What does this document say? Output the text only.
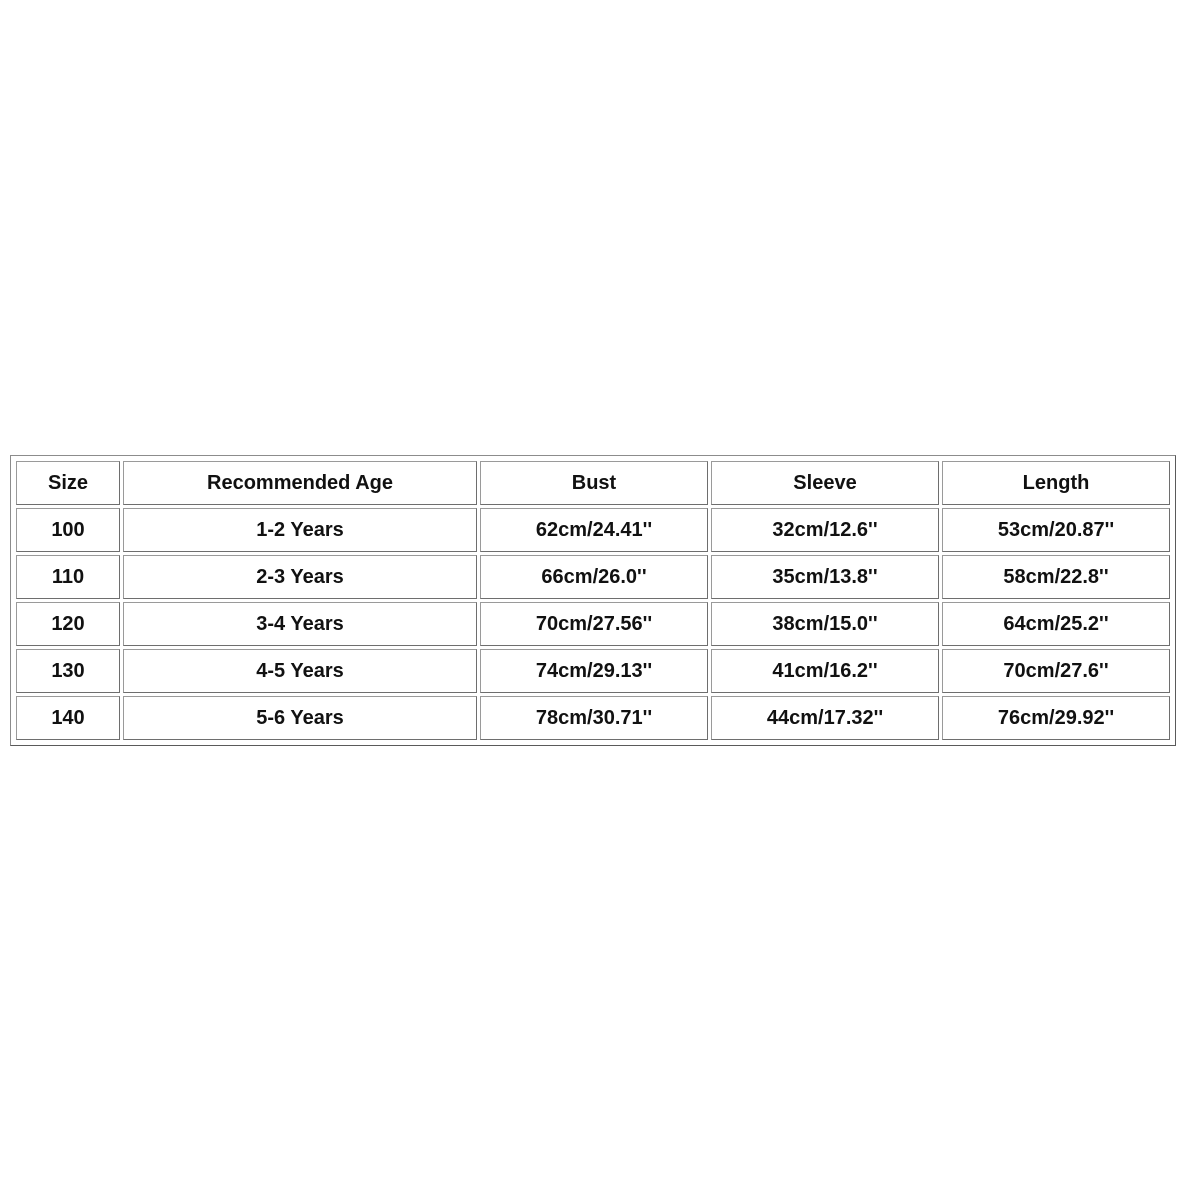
Size	Recommended Age	Bust	Sleeve	Length
100	1-2 Years	62cm/24.41''	32cm/12.6''	53cm/20.87''
110	2-3 Years	66cm/26.0''	35cm/13.8''	58cm/22.8''
120	3-4 Years	70cm/27.56''	38cm/15.0''	64cm/25.2''
130	4-5 Years	74cm/29.13''	41cm/16.2''	70cm/27.6''
140	5-6 Years	78cm/30.71''	44cm/17.32''	76cm/29.92''
